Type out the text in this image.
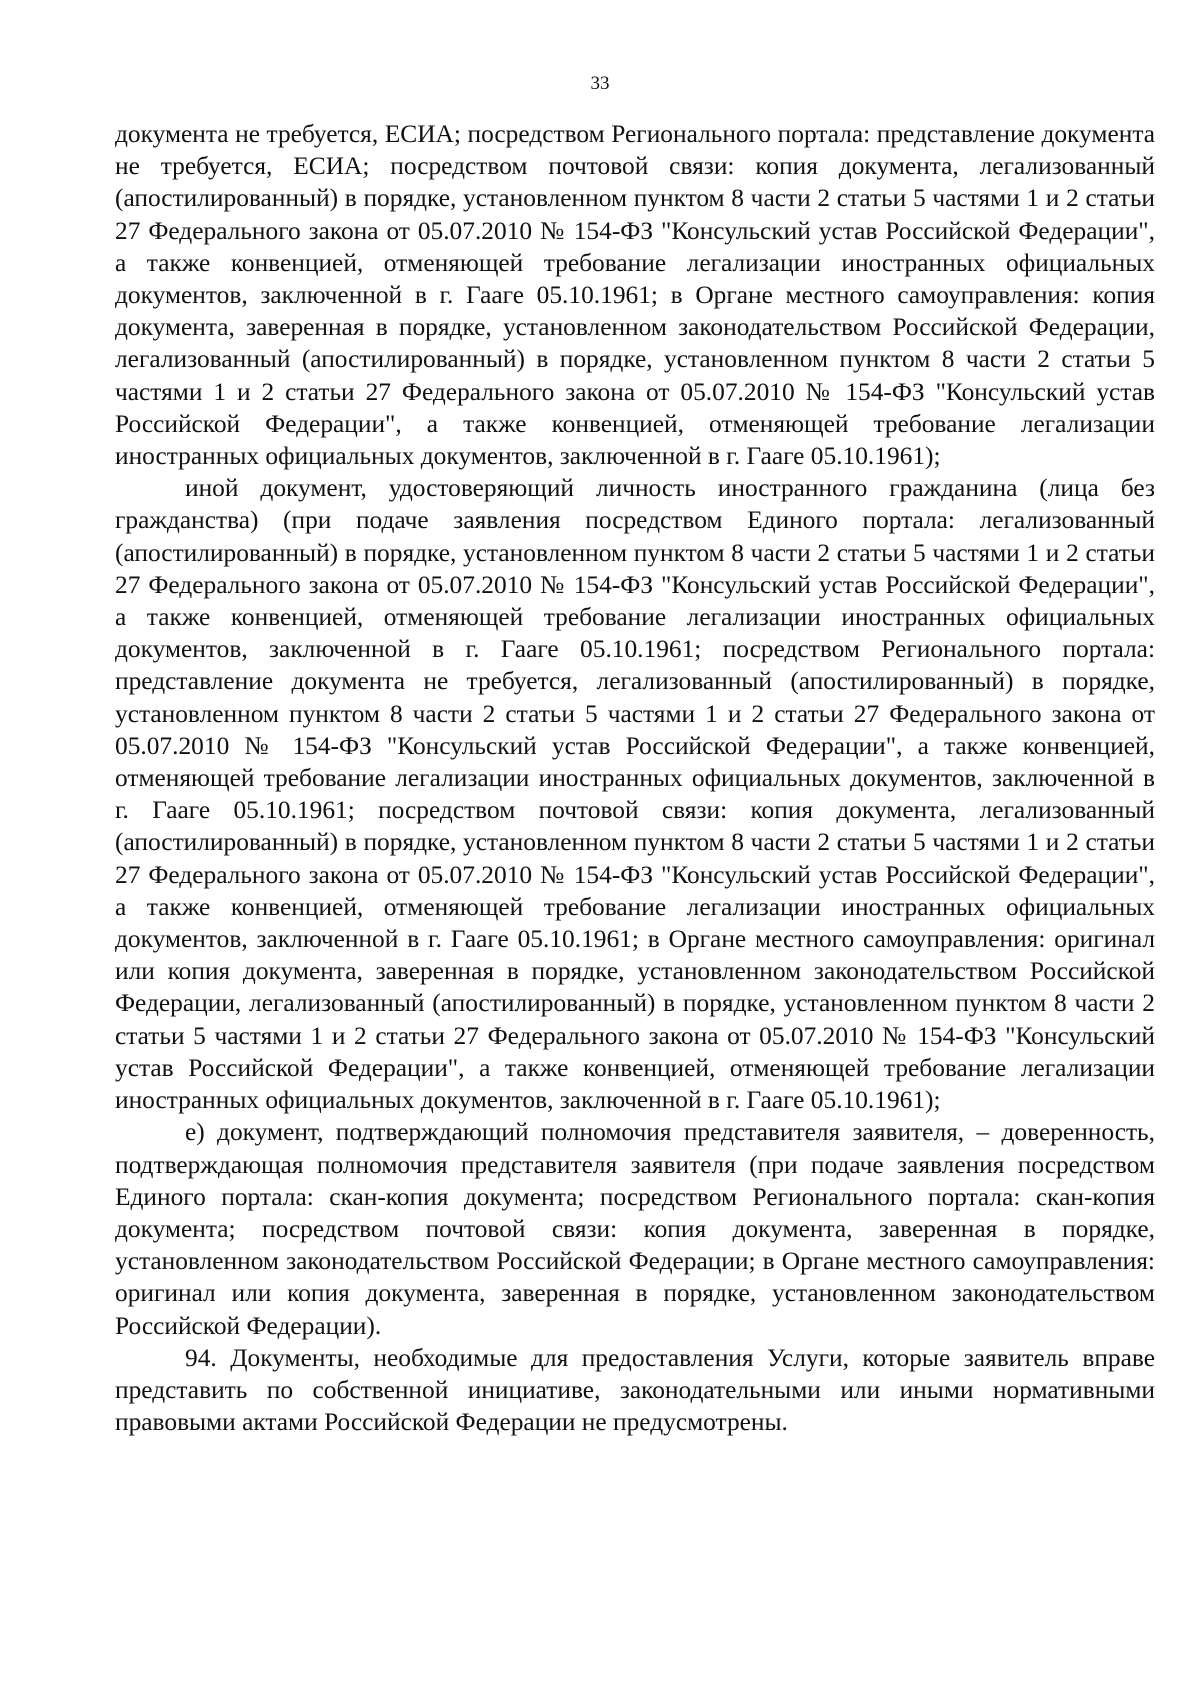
33

документа не требуется, ЕСИА; посредством Регионального портала: представление документа не требуется, ЕСИА; посредством почтовой связи: копия документа, легализованный (апостилированный) в порядке, установленном пунктом 8 части 2 статьи 5 частями 1 и 2 статьи 27 Федерального закона от 05.07.2010 № 154-ФЗ "Консульский устав Российской Федерации", а также конвенцией, отменяющей требование легализации иностранных официальных документов, заключенной в г. Гааге 05.10.1961; в Органе местного самоуправления: копия документа, заверенная в порядке, установленном законодательством Российской Федерации, легализованный (апостилированный) в порядке, установленном пунктом 8 части 2 статьи 5 частями 1 и 2 статьи 27 Федерального закона от 05.07.2010 № 154-ФЗ "Консульский устав Российской Федерации", а также конвенцией, отменяющей требование легализации иностранных официальных документов, заключенной в г. Гааге 05.10.1961);

иной документ, удостоверяющий личность иностранного гражданина (лица без гражданства) (при подаче заявления посредством Единого портала: легализованный (апостилированный) в порядке, установленном пунктом 8 части 2 статьи 5 частями 1 и 2 статьи 27 Федерального закона от 05.07.2010 № 154-ФЗ "Консульский устав Российской Федерации", а также конвенцией, отменяющей требование легализации иностранных официальных документов, заключенной в г. Гааге 05.10.1961; посредством Регионального портала: представление документа не требуется, легализованный (апостилированный) в порядке, установленном пунктом 8 части 2 статьи 5 частями 1 и 2 статьи 27 Федерального закона от 05.07.2010 № 154-ФЗ "Консульский устав Российской Федерации", а также конвенцией, отменяющей требование легализации иностранных официальных документов, заключенной в г. Гааге 05.10.1961; посредством почтовой связи: копия документа, легализованный (апостилированный) в порядке, установленном пунктом 8 части 2 статьи 5 частями 1 и 2 статьи 27 Федерального закона от 05.07.2010 № 154-ФЗ "Консульский устав Российской Федерации", а также конвенцией, отменяющей требование легализации иностранных официальных документов, заключенной в г. Гааге 05.10.1961; в Органе местного самоуправления: оригинал или копия документа, заверенная в порядке, установленном законодательством Российской Федерации, легализованный (апостилированный) в порядке, установленном пунктом 8 части 2 статьи 5 частями 1 и 2 статьи 27 Федерального закона от 05.07.2010 № 154-ФЗ "Консульский устав Российской Федерации", а также конвенцией, отменяющей требование легализации иностранных официальных документов, заключенной в г. Гааге 05.10.1961);

е) документ, подтверждающий полномочия представителя заявителя, – доверенность, подтверждающая полномочия представителя заявителя (при подаче заявления посредством Единого портала: скан-копия документа; посредством Регионального портала: скан-копия документа; посредством почтовой связи: копия документа, заверенная в порядке, установленном законодательством Российской Федерации; в Органе местного самоуправления: оригинал или копия документа, заверенная в порядке, установленном законодательством Российской Федерации).

94. Документы, необходимые для предоставления Услуги, которые заявитель вправе представить по собственной инициативе, законодательными или иными нормативными правовыми актами Российской Федерации не предусмотрены.
